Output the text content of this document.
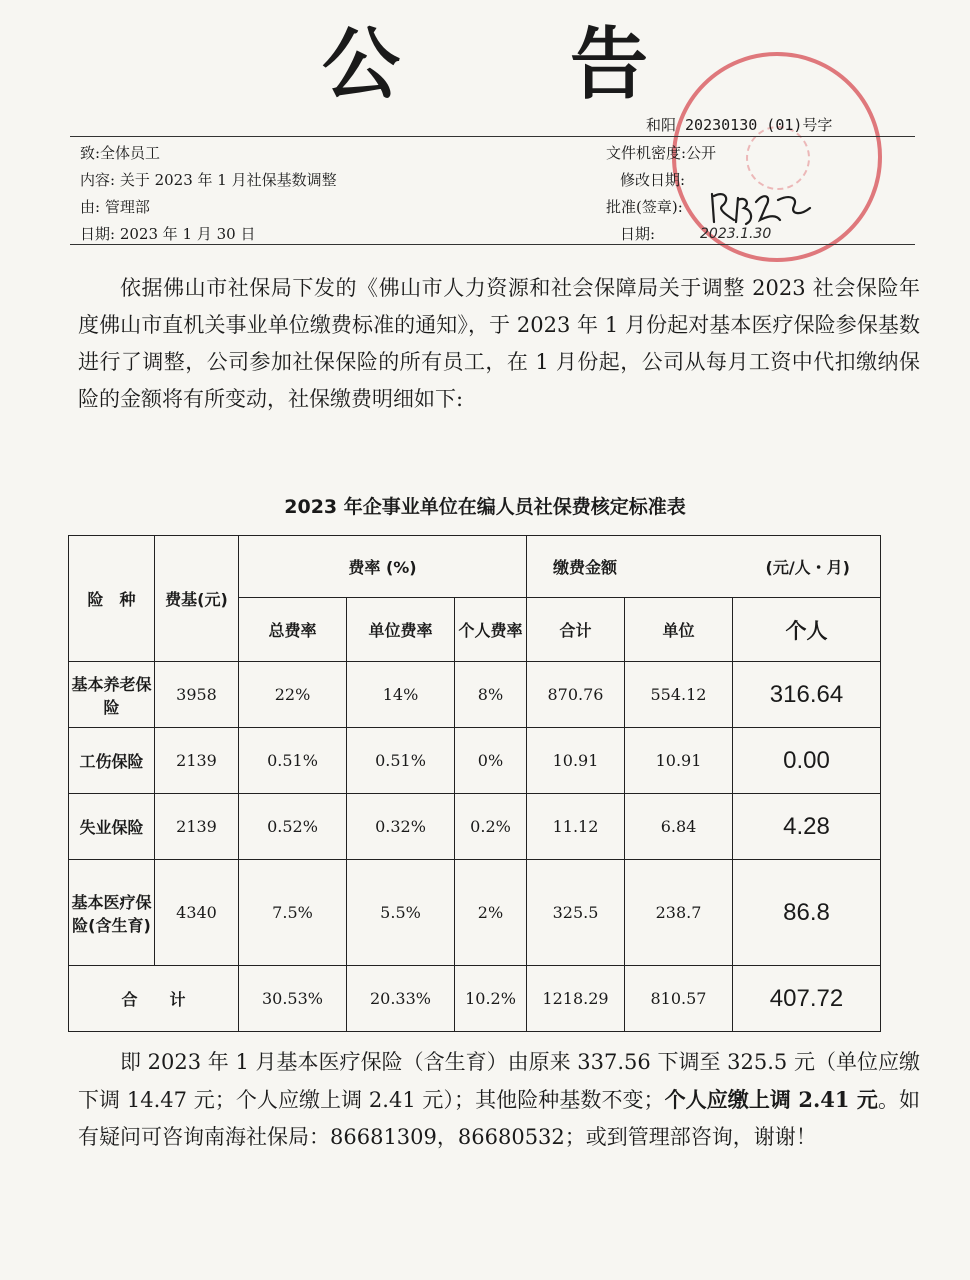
公 告
和阳 20230130 (01)号字
致:全体员工
内容: 关于 2023 年 1 月社保基数调整
由: 管理部
日期: 2023 年 1 月 30 日
文件机密度:公开
修改日期:
批准(签章):
日期:	2023.1.30

依据佛山市社保局下发的《佛山市人力资源和社会保障局关于调整 2023 社会保险年度佛山市直机关事业单位缴费标准的通知》，于 2023 年 1 月份起对基本医疗保险参保基数进行了调整，公司参加社保保险的所有员工，在 1 月份起，公司从每月工资中代扣缴纳保险的金额将有所变动，社保缴费明细如下:

2023 年企事业单位在编人员社保费核定标准表
险　种	费基(元)	费率 (%)			缴费金额 (元/人・月)		

		总费率	单位费率	个人费率	合计	单位	个人
基本养老保险	3958	22%	14%	8%	870.76	554.12	316.64
工伤保险	2139	0.51%	0.51%	0%	10.91	10.91	0.00
失业保险	2139	0.52%	0.32%	0.2%	11.12	6.84	4.28
基本医疗保险(含生育)	4340	7.5%	5.5%	2%	325.5	238.7	86.8
合　　计		30.53%	20.33%	10.2%	1218.29	810.57	407.72

即 2023 年 1 月基本医疗保险（含生育）由原来 337.56 下调至 325.5 元（单位应缴下调 14.47 元；个人应缴上调 2.41 元）；其他险种基数不变；个人应缴上调 2.41 元。如有疑问可咨询南海社保局：86681309，86680532；或到管理部咨询，谢谢！
